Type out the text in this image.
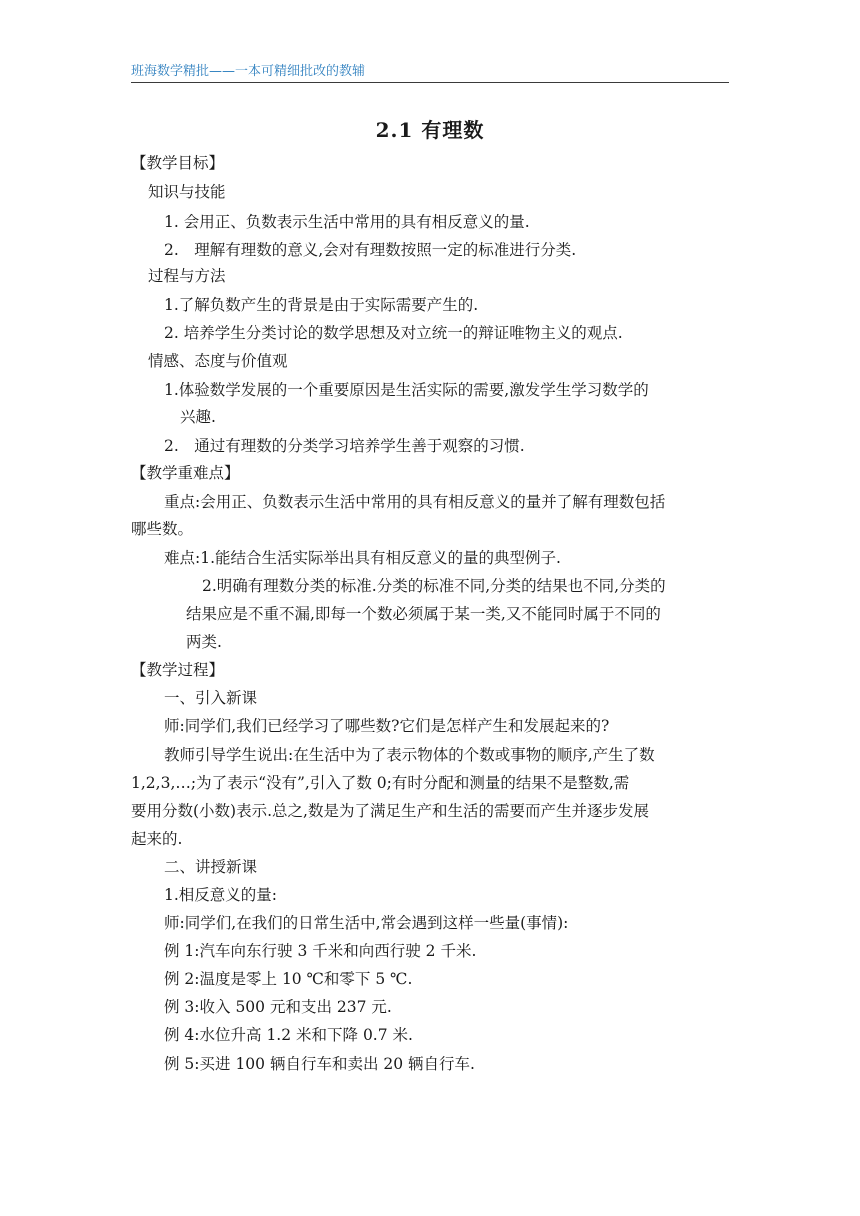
班海数学精批——一本可精细批改的教辅
2.1 有理数
【教学目标】
知识与技能
1. 会用正、负数表示生活中常用的具有相反意义的量.
2.　理解有理数的意义,会对有理数按照一定的标准进行分类.
过程与方法
1.了解负数产生的背景是由于实际需要产生的.
2. 培养学生分类讨论的数学思想及对立统一的辩证唯物主义的观点.
情感、态度与价值观
1.体验数学发展的一个重要原因是生活实际的需要,激发学生学习数学的
兴趣.
2.　通过有理数的分类学习培养学生善于观察的习惯.
【教学重难点】
重点:会用正、负数表示生活中常用的具有相反意义的量并了解有理数包括
哪些数。
难点:1.能结合生活实际举出具有相反意义的量的典型例子.
2.明确有理数分类的标准.分类的标准不同,分类的结果也不同,分类的
结果应是不重不漏,即每一个数必须属于某一类,又不能同时属于不同的
两类.
【教学过程】
一、引入新课
师:同学们,我们已经学习了哪些数?它们是怎样产生和发展起来的?
教师引导学生说出:在生活中为了表示物体的个数或事物的顺序,产生了数
1,2,3,…;为了表示“没有”,引入了数 0;有时分配和测量的结果不是整数,需
要用分数(小数)表示.总之,数是为了满足生产和生活的需要而产生并逐步发展
起来的.
二、讲授新课
1.相反意义的量:
师:同学们,在我们的日常生活中,常会遇到这样一些量(事情):
例 1:汽车向东行驶 3 千米和向西行驶 2 千米.
例 2:温度是零上 10 ℃和零下 5 ℃.
例 3:收入 500 元和支出 237 元.
例 4:水位升高 1.2 米和下降 0.7 米.
例 5:买进 100 辆自行车和卖出 20 辆自行车.
